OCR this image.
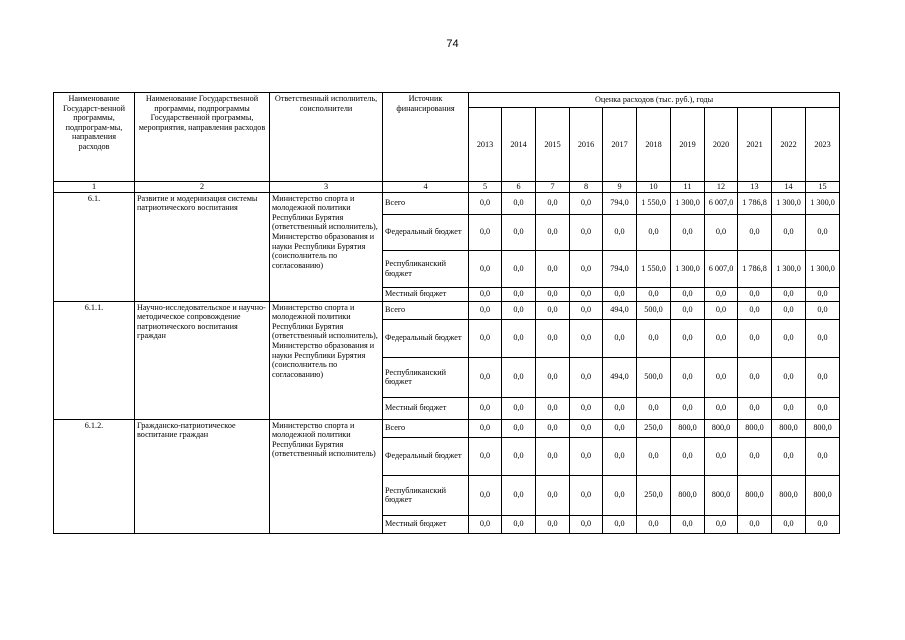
74
Наименование Государст-венной программы, подпрограм-мы, направления расходов	Наименование Государственной программы, подпрограммы Государственной программы, мероприятия, направления расходов	Ответственный исполнитель, соисполнители	Источник финансирования	Оценка расходов (тыс. руб.), годы										
				2013	2014	2015	2016	2017	2018	2019	2020	2021	2022	2023
1	2	3	4	5	6	7	8	9	10	11	12	13	14	15
6.1.	Развитие и модернизация системы патриотического воспитания	Министерство спорта и молодежной политики Республики Бурятия (ответственный исполнитель), Министерство образования и науки Республики Бурятия (соисполнитель по согласованию)	Всего	0,0	0,0	0,0	0,0	794,0	1 550,0	1 300,0	6 007,0	1 786,8	1 300,0	1 300,0
			Федеральный бюджет	0,0	0,0	0,0	0,0	0,0	0,0	0,0	0,0	0,0	0,0	0,0
			Республиканский бюджет	0,0	0,0	0,0	0,0	794,0	1 550,0	1 300,0	6 007,0	1 786,8	1 300,0	1 300,0
			Местный бюджет	0,0	0,0	0,0	0,0	0,0	0,0	0,0	0,0	0,0	0,0	0,0
6.1.1.	Научно-исследовательское и научно-методическое сопровождение патриотического воспитания граждан	Министерство спорта и молодежной политики Республики Бурятия (ответственный исполнитель), Министерство образования и науки Республики Бурятия (соисполнитель по согласованию)	Всего	0,0	0,0	0,0	0,0	494,0	500,0	0,0	0,0	0,0	0,0	0,0
			Федеральный бюджет	0,0	0,0	0,0	0,0	0,0	0,0	0,0	0,0	0,0	0,0	0,0
			Республиканский бюджет	0,0	0,0	0,0	0,0	494,0	500,0	0,0	0,0	0,0	0,0	0,0
			Местный бюджет	0,0	0,0	0,0	0,0	0,0	0,0	0,0	0,0	0,0	0,0	0,0
6.1.2.	Гражданско-патриотическое воспитание граждан	Министерство спорта и молодежной политики Республики Бурятия (ответственный исполнитель)	Всего	0,0	0,0	0,0	0,0	0,0	250,0	800,0	800,0	800,0	800,0	800,0
			Федеральный бюджет	0,0	0,0	0,0	0,0	0,0	0,0	0,0	0,0	0,0	0,0	0,0
			Республиканский бюджет	0,0	0,0	0,0	0,0	0,0	250,0	800,0	800,0	800,0	800,0	800,0
			Местный бюджет	0,0	0,0	0,0	0,0	0,0	0,0	0,0	0,0	0,0	0,0	0,0
